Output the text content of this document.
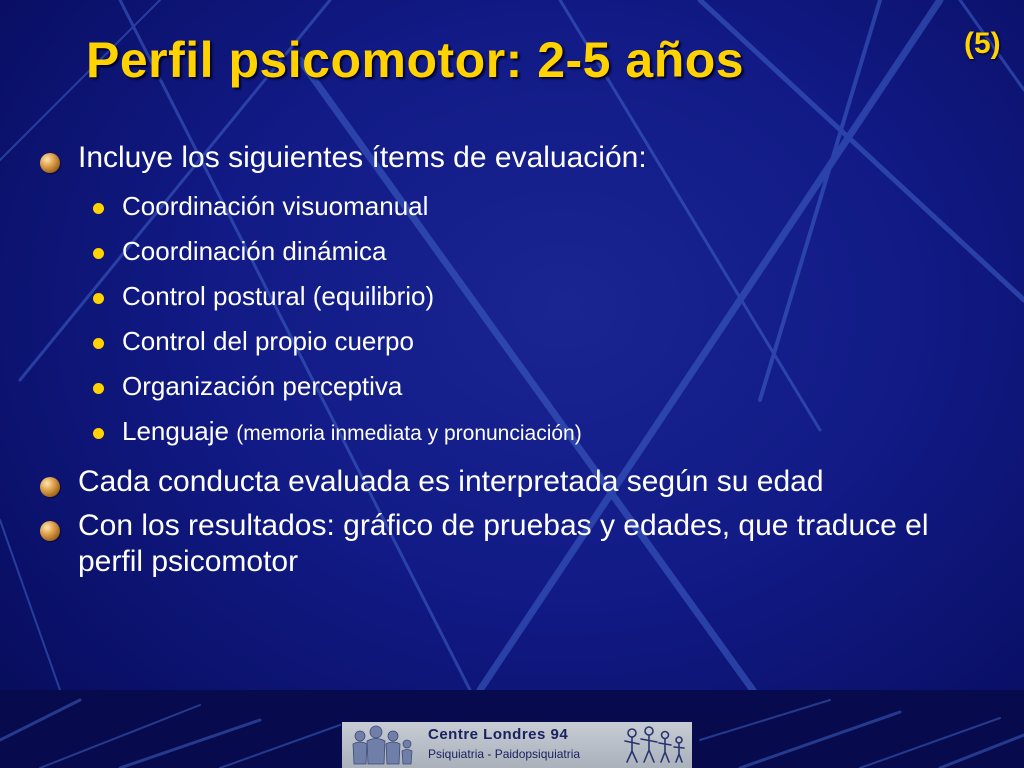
Perfil psicomotor: 2-5 años	(5)
Incluye los siguientes ítems de evaluación:
Coordinación visuomanual
Coordinación dinámica
Control postural (equilibrio)
Control del propio cuerpo
Organización perceptiva
Lenguaje (memoria inmediata y pronunciación)
Cada conducta evaluada es interpretada según su edad
Con los resultados: gráfico de pruebas y edades, que traduce el perfil psicomotor
Centre Londres 94
Psiquiatria - Paidopsiquiatria
